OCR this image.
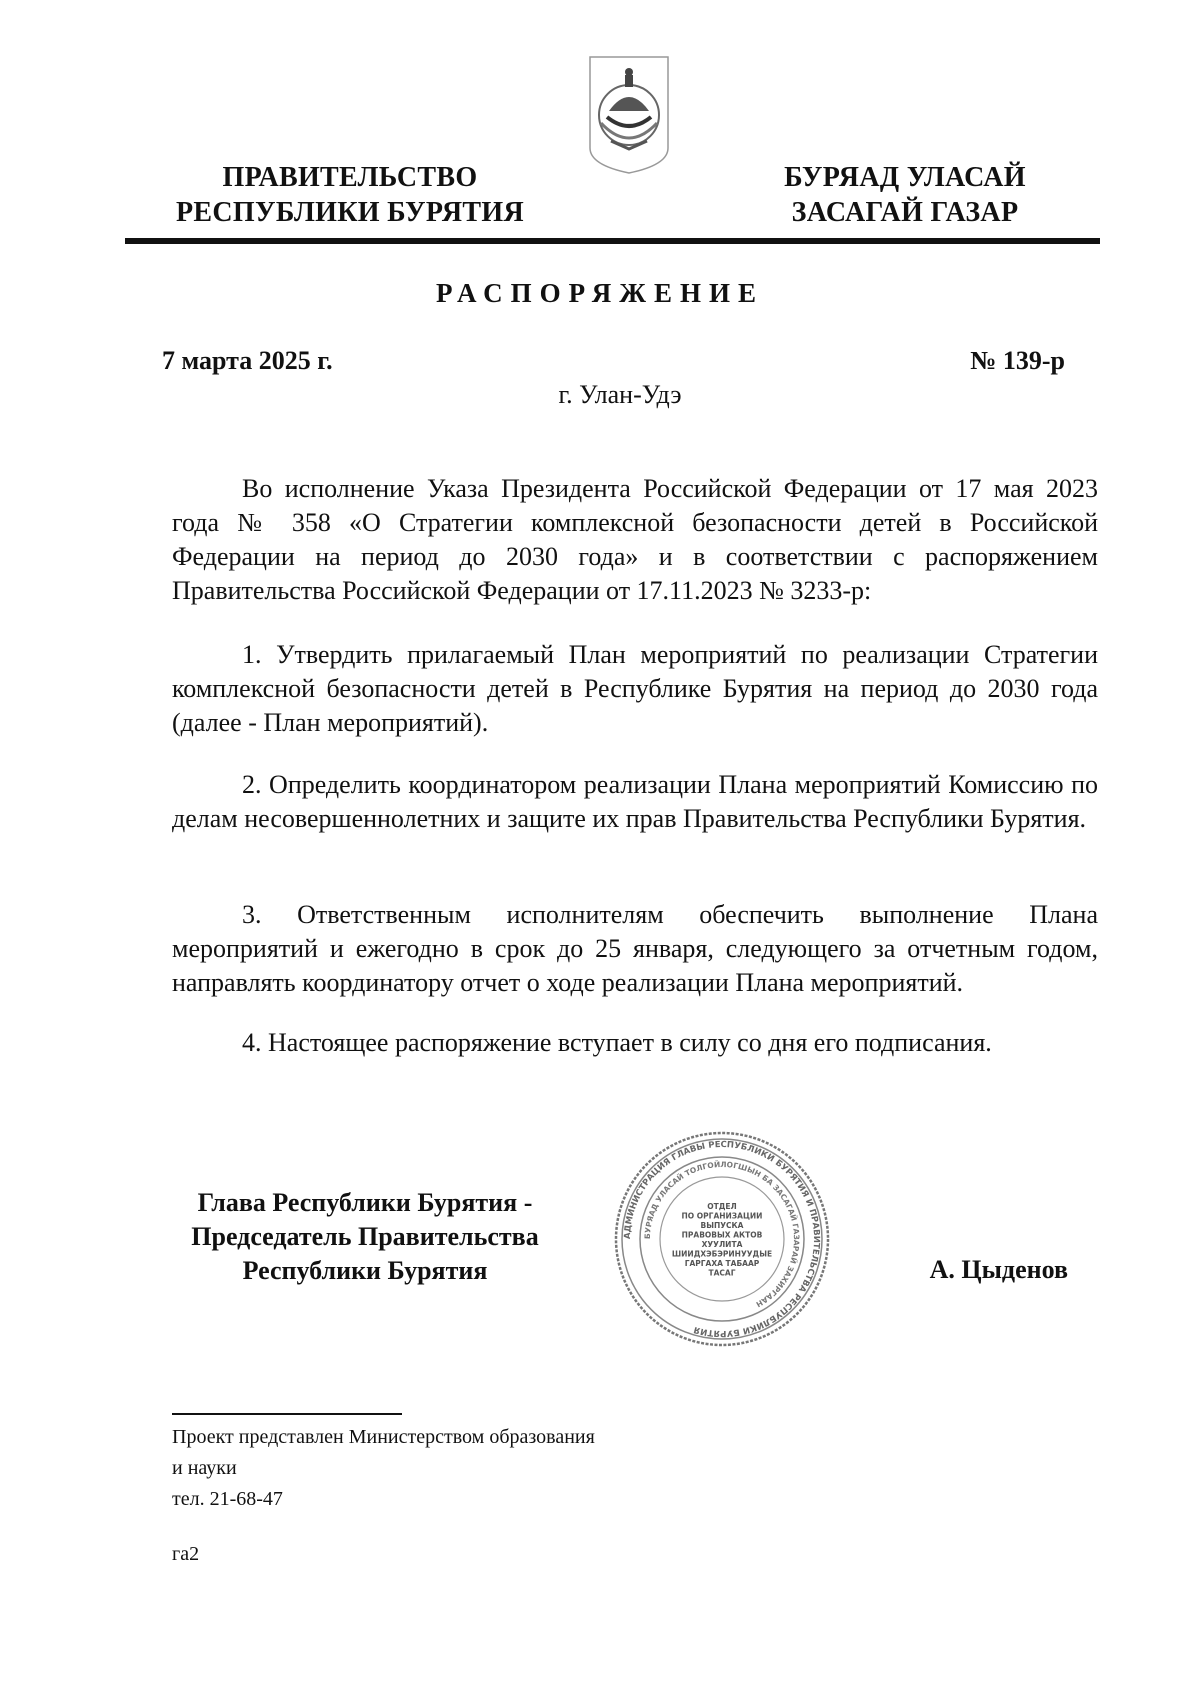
ПРАВИТЕЛЬСТВО
РЕСПУБЛИКИ БУРЯТИЯ
БУРЯАД УЛАСАЙ
ЗАСАГАЙ ГАЗАР
РАСПОРЯЖЕНИЕ
7 марта 2025 г.	№ 139-р
г. Улан-Удэ

Во исполнение Указа Президента Российской Федерации от 17 мая 2023 года № 358 «О Стратегии комплексной безопасности детей в Российской Федерации на период до 2030 года» и в соответствии с распоряжением Правительства Российской Федерации от 17.11.2023 № 3233-р:

1. Утвердить прилагаемый План мероприятий по реализации Стратегии комплексной безопасности детей в Республике Бурятия на период до 2030 года (далее - План мероприятий).

2. Определить координатором реализации Плана мероприятий Комиссию по делам несовершеннолетних и защите их прав Правительства Республики Бурятия.

3. Ответственным исполнителям обеспечить выполнение Плана мероприятий и ежегодно в срок до 25 января, следующего за отчетным годом, направлять координатору отчет о ходе реализации Плана мероприятий.

4. Настоящее распоряжение вступает в силу со дня его подписания.

Глава Республики Бурятия -
Председатель Правительства
Республики Бурятия
АДМИНИСТРАЦИЯ ГЛАВЫ РЕСПУБЛИКИ БУРЯТИЯ И ПРАВИТЕЛЬСТВА РЕСПУБЛИКИ БУРЯТИЯ
БУРЯАД УЛАСАЙ ТОЛГОЙЛОГШЫН БА ЗАСАГАЙ ГАЗАРАЙ ЗАХИРГААН
ОТДЕЛ
ПО ОРГАНИЗАЦИИ
ВЫПУСКА
ПРАВОВЫХ АКТОВ
ХУУЛИТА
ШИИДХЭБЭРИНУУДЫЕ
ГАРГАХА ТАБААР
ТАСАГ	А. Цыденов
Проект представлен Министерством образования
и науки
тел. 21-68-47
га2
